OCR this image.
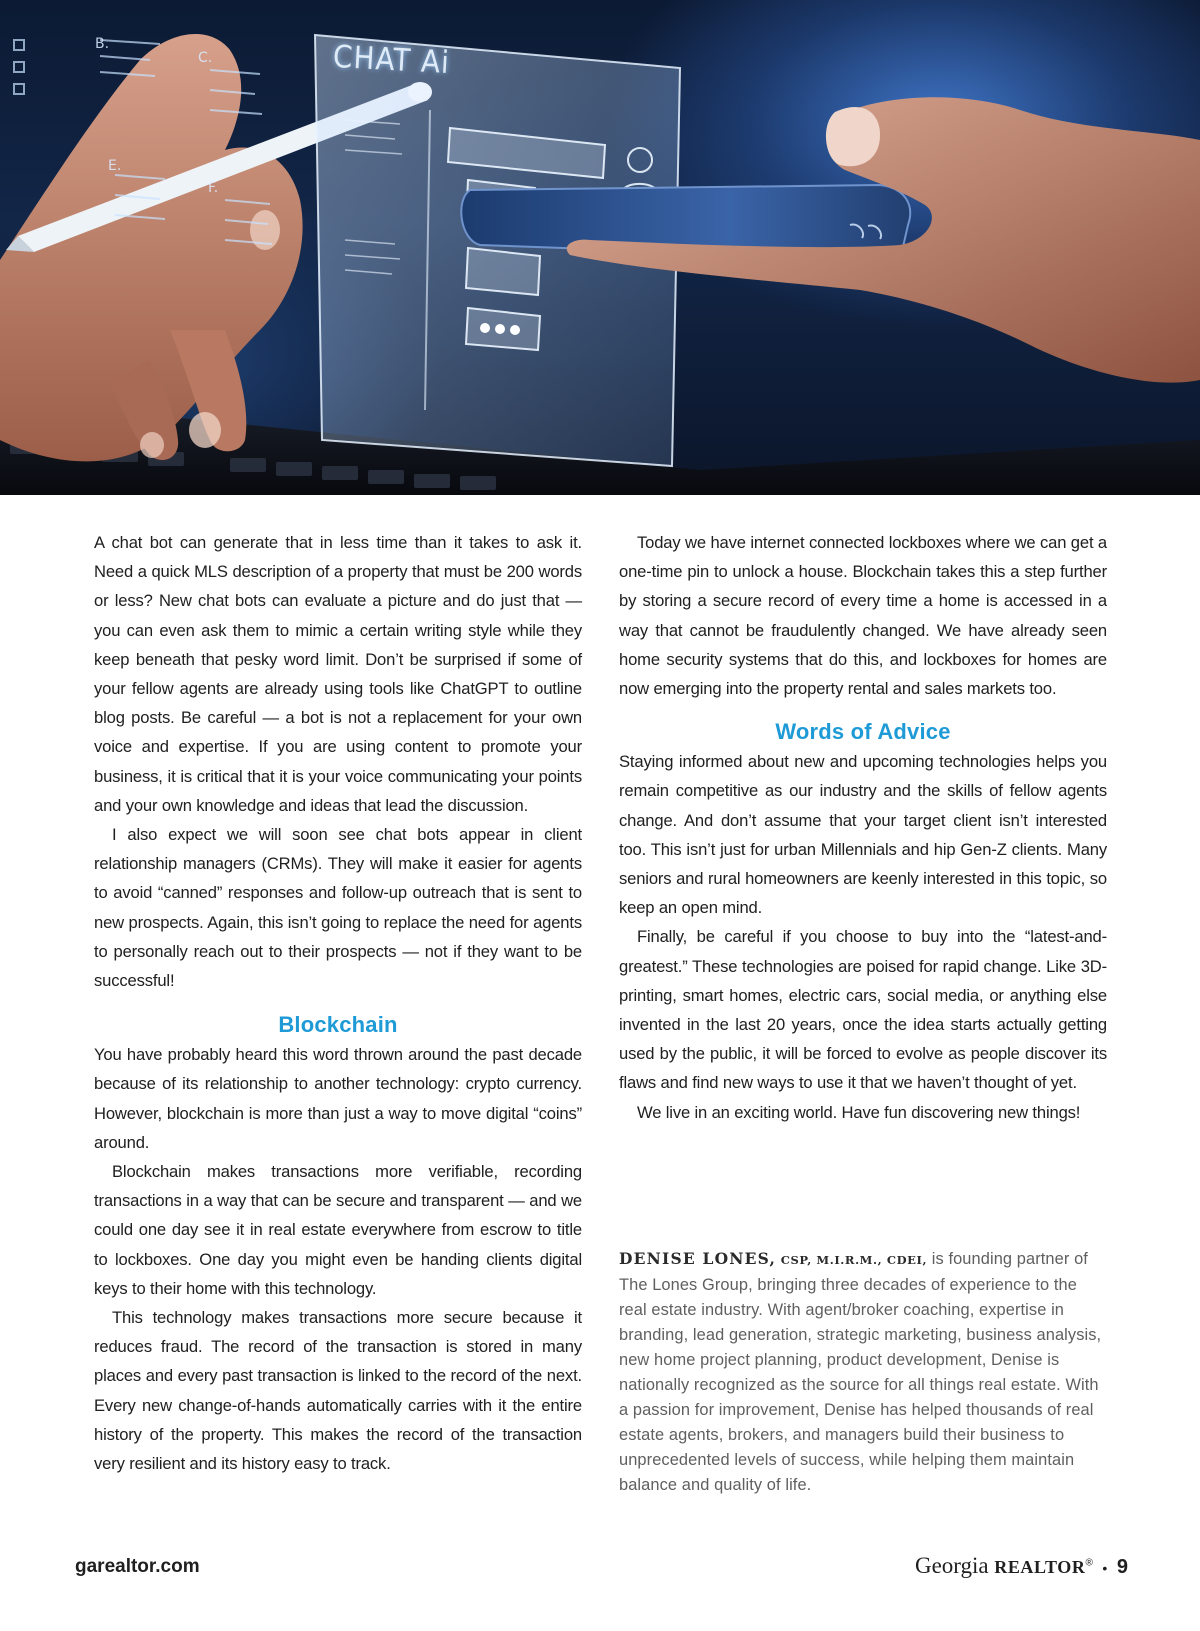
B.
C.
E.
F.
CHAT Ai

A chat bot can generate that in less time than it takes to ask it. Need a quick MLS description of a property that must be 200 words or less? New chat bots can evaluate a picture and do just that — you can even ask them to mimic a certain writing style while they keep beneath that pesky word limit. Don’t be surprised if some of your fellow agents are already using tools like ChatGPT to outline blog posts. Be careful — a bot is not a replacement for your own voice and expertise. If you are using content to promote your business, it is critical that it is your voice communicating your points and your own knowledge and ideas that lead the discussion.

I also expect we will soon see chat bots appear in client relationship managers (CRMs). They will make it easier for agents to avoid “canned” responses and follow-up outreach that is sent to new prospects. Again, this isn’t going to replace the need for agents to personally reach out to their prospects — not if they want to be successful!

Blockchain

You have probably heard this word thrown around the past decade because of its relationship to another technology: crypto currency. However, blockchain is more than just a way to move digital “coins” around.

Blockchain makes transactions more verifiable, recording transactions in a way that can be secure and transparent — and we could one day see it in real estate everywhere from escrow to title to lockboxes. One day you might even be handing clients digital keys to their home with this technology.

This technology makes transactions more secure because it reduces fraud. The record of the transaction is stored in many places and every past transaction is linked to the record of the next. Every new change-of-hands automatically carries with it the entire history of the property. This makes the record of the transaction very resilient and its history easy to track.

Today we have internet connected lockboxes where we can get a one-time pin to unlock a house. Blockchain takes this a step further by storing a secure record of every time a home is accessed in a way that cannot be fraudulently changed. We have already seen home security systems that do this, and lockboxes for homes are now emerging into the property rental and sales markets too.

Words of Advice

Staying informed about new and upcoming technologies helps you remain competitive as our industry and the skills of fellow agents change. And don’t assume that your target client isn’t interested too. This isn’t just for urban Millennials and hip Gen-Z clients. Many seniors and rural homeowners are keenly interested in this topic, so keep an open mind.

Finally, be careful if you choose to buy into the “latest-and-greatest.” These technologies are poised for rapid change. Like 3D-printing, smart homes, electric cars, social media, or anything else invented in the last 20 years, once the idea starts actually getting used by the public, it will be forced to evolve as people discover its flaws and find new ways to use it that we haven’t thought of yet.

We live in an exciting world. Have fun discovering new things!

DENISE LONES, CSP, M.I.R.M., CDEI, is founding partner of The Lones Group, bringing three decades of experience to the real estate industry. With agent/broker coaching, expertise in branding, lead generation, strategic marketing, business analysis, new home project planning, product development, Denise is nationally recognized as the source for all things real estate. With a passion for improvement, Denise has helped thousands of real estate agents, brokers, and managers build their business to unprecedented levels of success, while helping them maintain balance and quality of life.
garealtor.com	Georgia REALTOR® • 9
